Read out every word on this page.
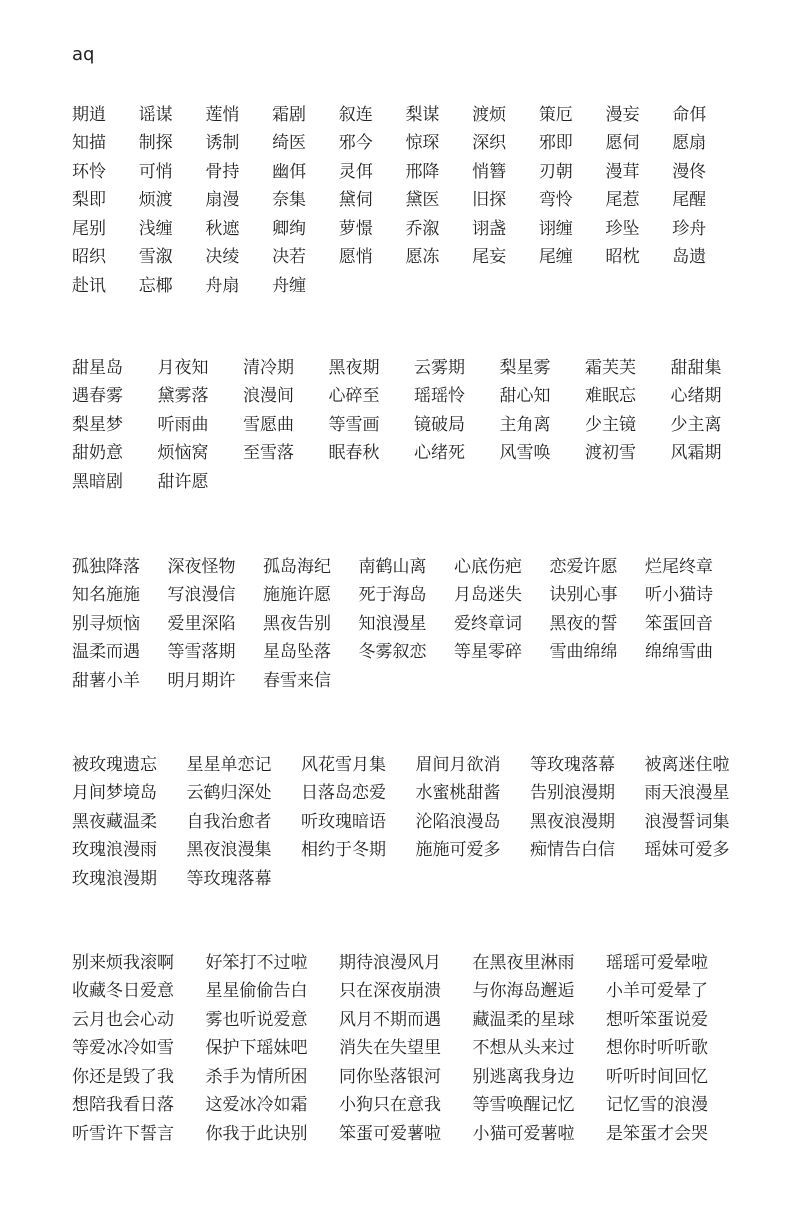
aq
期逍	谣谋	莲悄	霜剧	叙连	梨谋	渡烦	策厄	漫妄	命佴
知描	制探	诱制	绮医	邪今	惊琛	深织	邪即	愿伺	愿扇
环怜	可悄	骨持	幽佴	灵佴	邢降	悄簪	刃朝	漫茸	漫佟
梨即	烦渡	扇漫	奈集	黛伺	黛医	旧探	弯怜	尾惹	尾醒
尾别	浅缠	秋遮	卿绚	萝憬	乔溆	诩盏	诩缠	珍坠	珍舟
昭织	雪溆	决绫	决若	愿悄	愿冻	尾妄	尾缠	昭枕	岛遗
赴讯	忘椰	舟扇	舟缠
甜星岛	月夜知	清冷期	黑夜期	云雾期	梨星雾	霜芙芙	甜甜集
遇春雾	黛雾落	浪漫间	心碎至	瑶瑶怜	甜心知	难眠忘	心绪期
梨星梦	听雨曲	雪愿曲	等雪画	镜破局	主角离	少主镜	少主离
甜奶意	烦恼窝	至雪落	眠春秋	心绪死	风雪唤	渡初雪	风霜期
黑暗剧	甜许愿
孤独降落	深夜怪物	孤岛海纪	南鹤山离	心底伤疤	恋爱许愿	烂尾终章
知名施施	写浪漫信	施施许愿	死于海岛	月岛迷失	诀别心事	听小猫诗
别寻烦恼	爱里深陷	黑夜告别	知浪漫星	爱终章词	黑夜的誓	笨蛋回音
温柔而遇	等雪落期	星岛坠落	冬雾叙恋	等星零碎	雪曲绵绵	绵绵雪曲
甜薯小羊	明月期许	春雪来信
被玫瑰遗忘	星星单恋记	风花雪月集	眉间月欲消	等玫瑰落幕	被离迷住啦
月间梦境岛	云鹤归深处	日落岛恋爱	水蜜桃甜酱	告别浪漫期	雨天浪漫星
黑夜藏温柔	自我治愈者	听玫瑰暗语	沦陷浪漫岛	黑夜浪漫期	浪漫誓词集
玫瑰浪漫雨	黑夜浪漫集	相约于冬期	施施可爱多	痴情告白信	瑶妹可爱多
玫瑰浪漫期	等玫瑰落幕
别来烦我滚啊	好笨打不过啦	期待浪漫风月	在黑夜里淋雨	瑶瑶可爱晕啦
收藏冬日爱意	星星偷偷告白	只在深夜崩溃	与你海岛邂逅	小羊可爱晕了
云月也会心动	雾也听说爱意	风月不期而遇	藏温柔的星球	想听笨蛋说爱
等爱冰冷如雪	保护下瑶妹吧	消失在失望里	不想从头来过	想你时听听歌
你还是毁了我	杀手为情所困	同你坠落银河	别逃离我身边	听听时间回忆
想陪我看日落	这爱冰冷如霜	小狗只在意我	等雪唤醒记忆	记忆雪的浪漫
听雪许下誓言	你我于此诀别	笨蛋可爱薯啦	小猫可爱薯啦	是笨蛋才会哭
